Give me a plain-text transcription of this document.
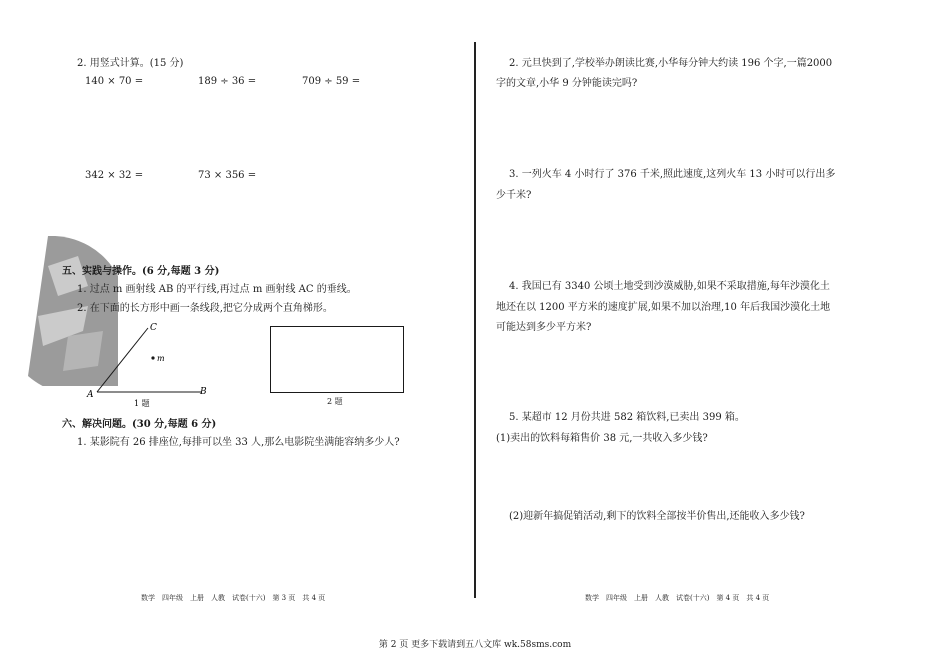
2. 用竖式计算。(15 分)
140 × 70 =	189 ÷ 36 =	709 ÷ 59 =
342 × 32 =	73 × 356 =
五、实践与操作。(6 分,每题 3 分)
1. 过点 m 画射线 AB 的平行线,再过点 m 画射线 AC 的垂线。
2. 在下面的长方形中画一条线段,把它分成两个直角梯形。
C
m
A	B
1 题	2 题
六、解决问题。(30 分,每题 6 分)
1. 某影院有 26 排座位,每排可以坐 33 人,那么电影院坐满能容纳多少人?
数学　四年级　上册　人教　试卷(十六)　第 3 页　共 4 页
2. 元旦快到了,学校举办朗读比赛,小华每分钟大约读 196 个字,一篇2000
字的文章,小华 9 分钟能读完吗?
3. 一列火车 4 小时行了 376 千米,照此速度,这列火车 13 小时可以行出多
少千米?
4. 我国已有 3340 公顷土地受到沙漠威胁,如果不采取措施,每年沙漠化土
地还在以 1200 平方米的速度扩展,如果不加以治理,10 年后我国沙漠化土地
可能达到多少平方米?
5. 某超市 12 月份共进 582 箱饮料,已卖出 399 箱。
(1)卖出的饮料每箱售价 38 元,一共收入多少钱?
(2)迎新年搞促销活动,剩下的饮料全部按半价售出,还能收入多少钱?
数学　四年级　上册　人教　试卷(十六)　第 4 页　共 4 页
第 2 页 更多下载请到五八文库 wk.58sms.com
